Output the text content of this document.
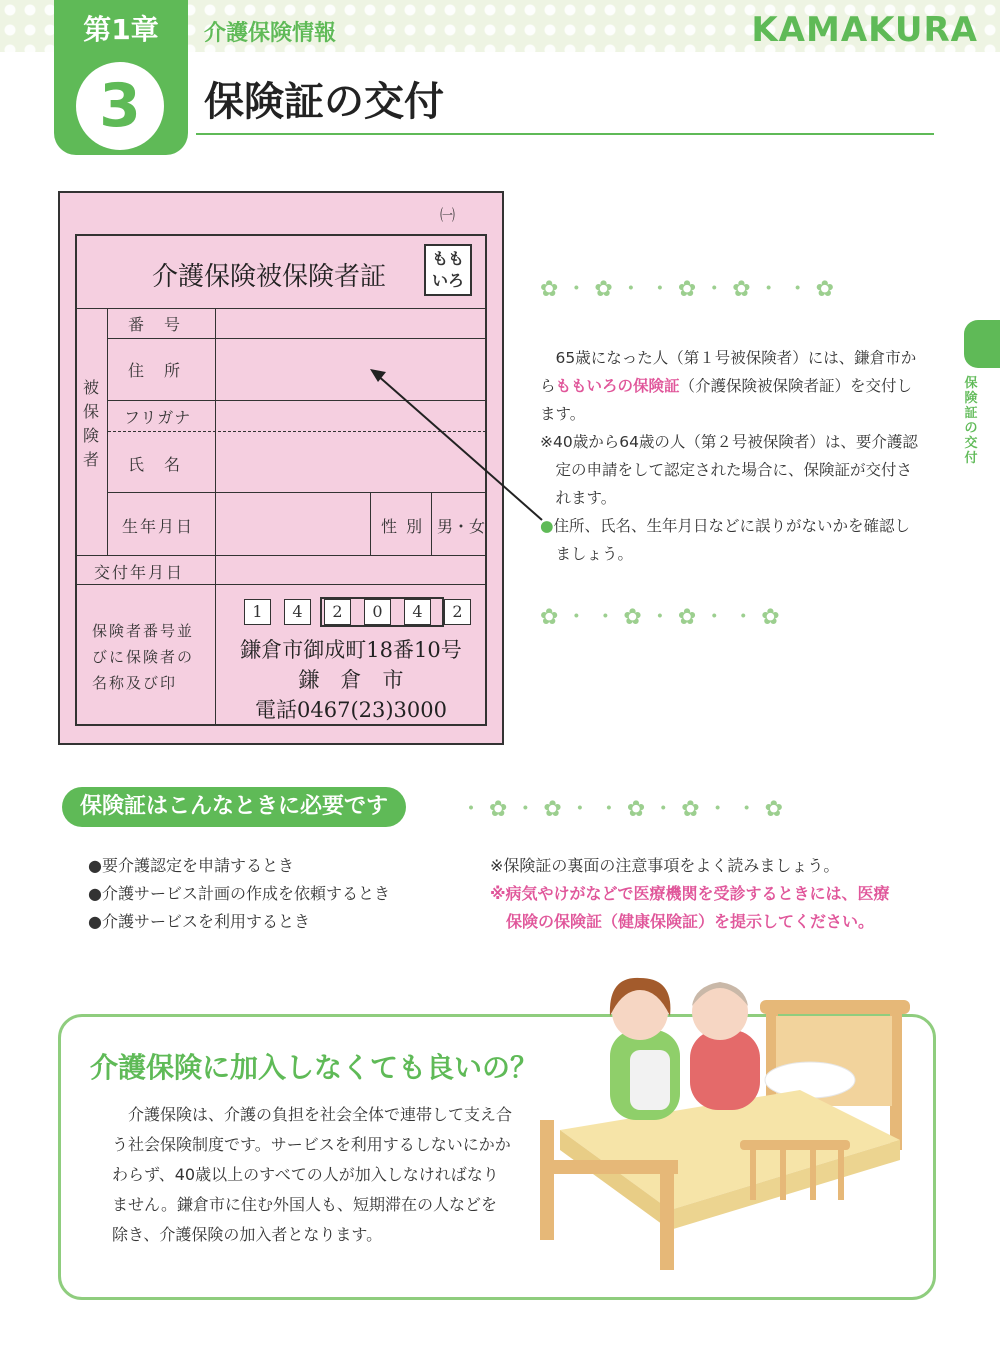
第1章
3
介護保険情報	KAMAKURA
保険証の交付
保険証の交付
㈠
介護保険被保険者証
ももいろ
被保険者
番　号
住　所
フリガナ
氏　名
生年月日	性 別 男・女
交付年月日
保険者番号並びに保険者の名称及び印
1	4	2	0	4	2
鎌倉市御成町18番10号
鎌　倉　市
電話0467(23)3000
✿ ・ ✿ ・ ・ ✿ ・ ✿ ・ ・ ✿
✿ ・ ・ ✿ ・ ✿ ・ ・ ✿
65歳になった人（第１号被保険者）には、鎌倉市からももいろの保険証（介護保険被保険者証）を交付します。
※40歳から64歳の人（第２号被保険者）は、要介護認定の申請をして認定された場合に、保険証が交付されます。
●住所、氏名、生年月日などに誤りがないかを確認しましょう。
保険証はこんなときに必要です	・ ✿ ・ ✿ ・ ・ ✿ ・ ✿ ・ ・ ✿
●要介護認定を申請するとき
●介護サービス計画の作成を依頼するとき
●介護サービスを利用するとき
※保険証の裏面の注意事項をよく読みましょう。
※病気やけがなどで医療機関を受診するときには、医療保険の保険証（健康保険証）を提示してください。
介護保険に加入しなくても良いの？
介護保険は、介護の負担を社会全体で連帯して支え合う社会保険制度です。サービスを利用するしないにかかわらず、40歳以上のすべての人が加入しなければなりません。鎌倉市に住む外国人も、短期滞在の人などを除き、介護保険の加入者となります。
